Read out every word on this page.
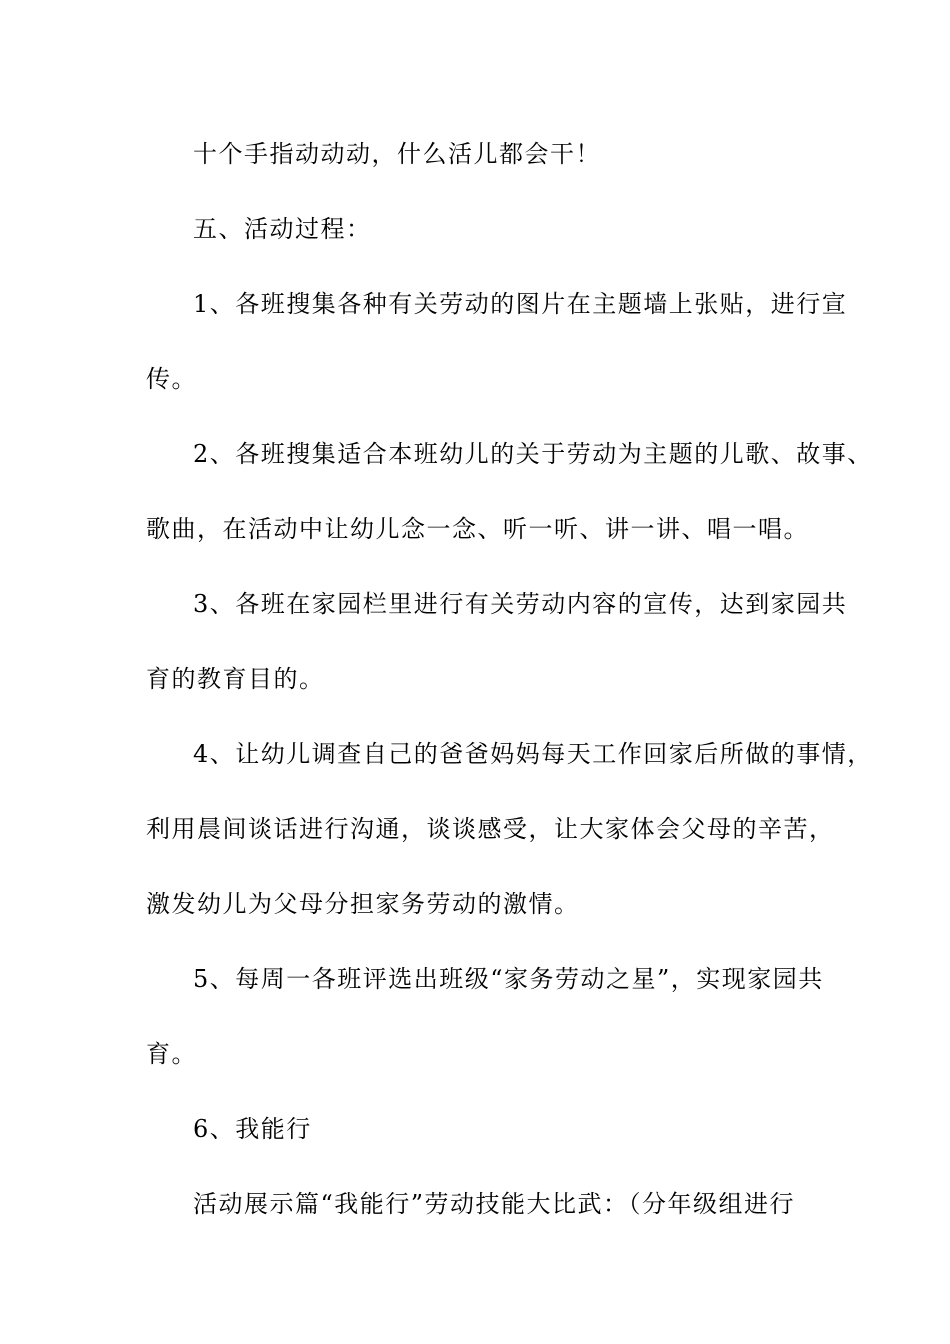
十个手指动动动，什么活儿都会干！
五、活动过程：
1、各班搜集各种有关劳动的图片在主题墙上张贴，进行宣
传。
2、各班搜集适合本班幼儿的关于劳动为主题的儿歌、故事、
歌曲，在活动中让幼儿念一念、听一听、讲一讲、唱一唱。
3、各班在家园栏里进行有关劳动内容的宣传，达到家园共
育的教育目的。
4、让幼儿调查自己的爸爸妈妈每天工作回家后所做的事情，
利用晨间谈话进行沟通，谈谈感受，让大家体会父母的辛苦，
激发幼儿为父母分担家务劳动的激情。
5、每周一各班评选出班级“家务劳动之星”，实现家园共
育。
6、我能行
活动展示篇“我能行”劳动技能大比武：（分年级组进行
